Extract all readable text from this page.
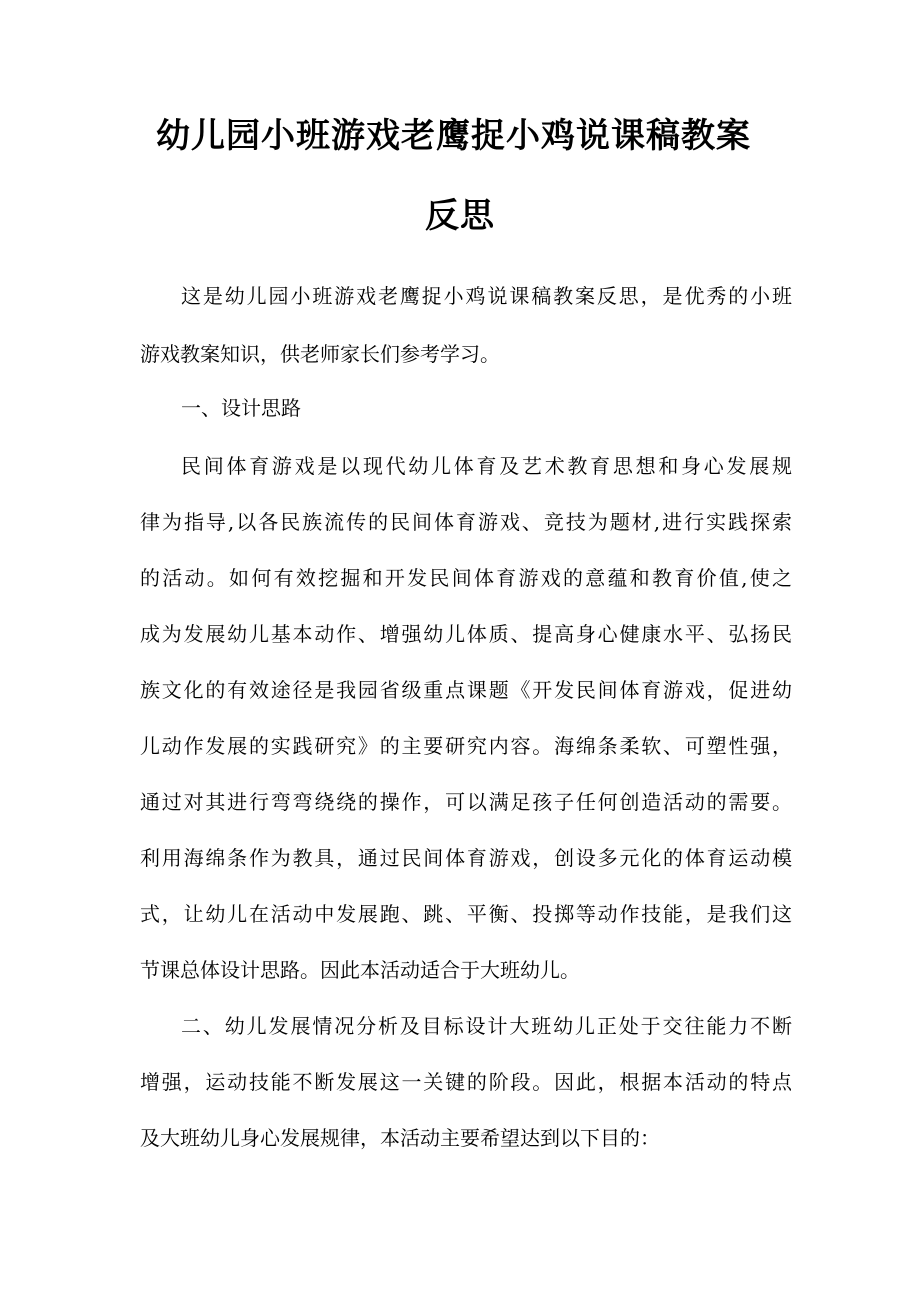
幼儿园小班游戏老鹰捉小鸡说课稿教案
反思
这是幼儿园小班游戏老鹰捉小鸡说课稿教案反思，是优秀的小班
游戏教案知识，供老师家长们参考学习。
一、设计思路
民间体育游戏是以现代幼儿体育及艺术教育思想和身心发展规
律为指导,以各民族流传的民间体育游戏、竞技为题材,进行实践探索
的活动。如何有效挖掘和开发民间体育游戏的意蕴和教育价值,使之
成为发展幼儿基本动作、增强幼儿体质、提高身心健康水平、弘扬民
族文化的有效途径是我园省级重点课题《开发民间体育游戏，促进幼
儿动作发展的实践研究》的主要研究内容。海绵条柔软、可塑性强，
通过对其进行弯弯绕绕的操作，可以满足孩子任何创造活动的需要。
利用海绵条作为教具，通过民间体育游戏，创设多元化的体育运动模
式，让幼儿在活动中发展跑、跳、平衡、投掷等动作技能，是我们这
节课总体设计思路。因此本活动适合于大班幼儿。
二、幼儿发展情况分析及目标设计大班幼儿正处于交往能力不断
增强，运动技能不断发展这一关键的阶段。因此，根据本活动的特点
及大班幼儿身心发展规律，本活动主要希望达到以下目的：
